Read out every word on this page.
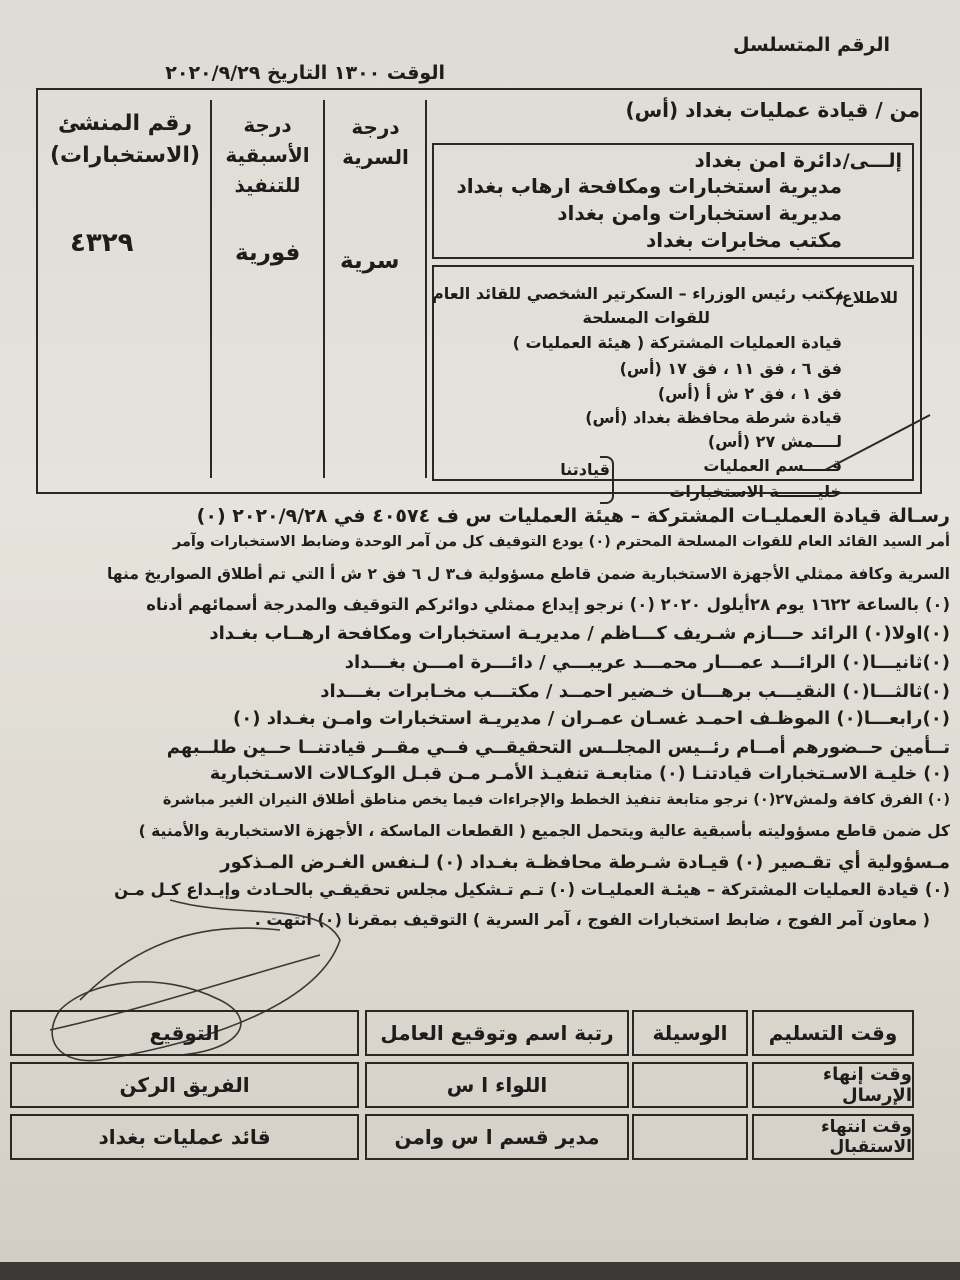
الرقم المتسلسل
الوقت ١٣٠٠ التاريخ ٢٠٢٠/٩/٢٩
من / قيادة عمليات بغداد (أس)
رقم المنشئ (الاستخبارات)
درجة الأسبقية للتنفيذ
درجة السرية
٤٣٢٩	فورية سرية
إلـــى/
دائرة امن بغداد
مديرية استخبارات ومكافحة ارهاب بغداد
مديرية استخبارات وامن بغداد
مكتب مخابرات بغداد
للاطلاع/
مكتب رئيس الوزراء – السكرتير الشخصي للقائد العام
للقوات المسلحة
قيادة العمليات المشتركة ( هيئة العمليات )
فق ٦ ، فق ١١ ، فق ١٧ (أس)
فق ١ ، فق ٢ ش أ (أس)
قيادة شرطة محافظة بغداد (أس)
لــــمش ٢٧ (أس)
قـــــسم العمليات
خليـــــــة الاستخبارات
قيادتنا
رسـالة قيادة العمليـات المشتركة – هيئة العمليات س ف ٤٠٥٧٤ في ٢٠٢٠/٩/٢٨ (٠)
أمر السيد القائد العام للقوات المسلحة المحترم (٠) يودع التوقيف كل من آمر الوحدة وضابط الاستخبارات وآمر
السرية وكافة ممثلي الأجهزة الاستخبارية ضمن قاطع مسؤولية ف٣ ل ٦ فق ٢ ش أ التي تم أطلاق الصواريخ منها
(٠) بالساعة ١٦٢٢ يوم ٢٨أيلول ٢٠٢٠ (٠) نرجو إيداع ممثلي دوائركم التوقيف والمدرجة أسمائهم أدناه
(٠)اولا(٠) الرائد حـــازم شـريف كـــاظم / مديريـة استخبارات ومكافحة ارهــاب بغـداد
(٠)ثانيـــا(٠) الرائـــد عمـــار محمـــد عريبـــي / دائـــرة امـــن بغـــداد
(٠)ثالثـــا(٠) النقيـــب برهـــان خـضير احمــد / مكتـــب مخـابرات بغـــداد
(٠)رابعـــا(٠) الموظـف احمـد غسـان عمـران / مديريـة استخبارات وامـن بغـداد (٠)
تــأمين حــضورهم أمــام رئــيس المجلــس التحقيقــي فــي مقــر قيادتنــا حــين طلــبهم
(٠) خليـة الاسـتخبارات قيادتنـا (٠) متابعـة تنفيـذ الأمـر مـن قبـل الوكـالات الاسـتخبارية
(٠) الفرق كافة ولمش٢٧(٠) نرجو متابعة تنفيذ الخطط والإجراءات فيما يخص مناطق أطلاق النيران الغير مباشرة
كل ضمن قاطع مسؤوليته بأسبقية عالية ويتحمل الجميع ( القطعات الماسكة ، الأجهزة الاستخبارية والأمنية )
مـسؤولية أي تقـصير (٠) قيـادة شـرطة محافظـة بغـداد (٠) لـنفس الغـرض المـذكور
(٠) قيادة العمليات المشتركة – هيئـة العمليـات (٠) تـم تـشكيل مجلس تحقيقـي بالحـادث وإيـداع كـل مـن
( معاون آمر الفوج ، ضابط استخبارات الفوج ، آمر السرية ) التوقيف بمقرنا (٠) انتهت .
وقت التسليم
الوسيلة
رتبة اسم وتوقيع العامل
التوقيع
وقت إنهاء الإرسال
اللواء ا س
الفريق الركن
وقت انتهاء الاستقبال
مدير قسم ا س وامن
قائد عمليات بغداد
